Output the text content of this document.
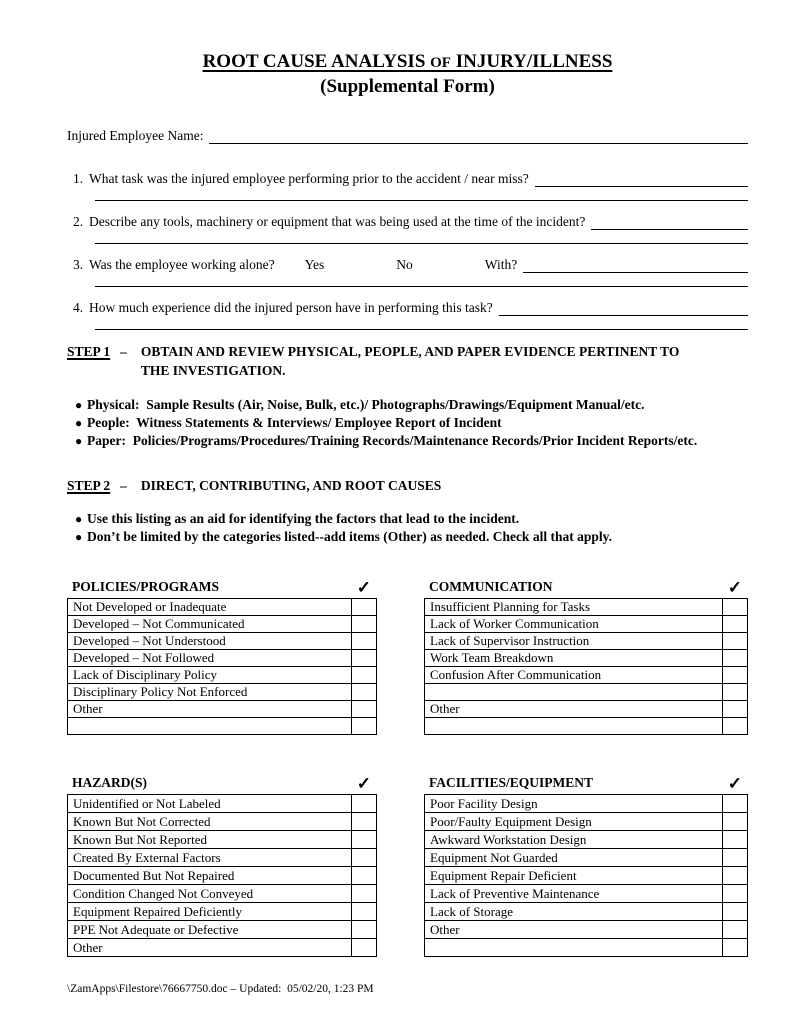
ROOT CAUSE ANALYSIS OF INJURY/ILLNESS
(Supplemental Form)
Injured Employee Name:
1. What task was the injured employee performing prior to the accident / near miss?
2. Describe any tools, machinery or equipment that was being used at the time of the incident?
3. Was the employee working alone? Yes	No	With?
4. How much experience did the injured person have in performing this task?
STEP 1 –	OBTAIN AND REVIEW PHYSICAL, PEOPLE, AND PAPER EVIDENCE PERTINENT TO THE INVESTIGATION.
● Physical:  Sample Results (Air, Noise, Bulk, etc.)/ Photographs/Drawings/Equipment Manual/etc.
● People:  Witness Statements & Interviews/ Employee Report of Incident
● Paper:  Policies/Programs/Procedures/Training Records/Maintenance Records/Prior Incident Reports/etc.
STEP 2 –	DIRECT, CONTRIBUTING, AND ROOT CAUSES
● Use this listing as an aid for identifying the factors that lead to the incident.
● Don’t be limited by the categories listed--add items (Other) as needed. Check all that apply.
POLICIES/PROGRAMS	✓
Not Developed or Inadequate	
Developed – Not Communicated	
Developed – Not Understood	
Developed – Not Followed	
Lack of Disciplinary Policy	
Disciplinary Policy Not Enforced	
Other	

COMMUNICATION	✓
Insufficient Planning for Tasks	
Lack of Worker Communication	
Lack of Supervisor Instruction	
Work Team Breakdown	
Confusion After Communication	

Other	

HAZARD(S)	✓
Unidentified or Not Labeled	
Known But Not Corrected	
Known But Not Reported	
Created By External Factors	
Documented But Not Repaired	
Condition Changed Not Conveyed	
Equipment Repaired Deficiently	
PPE Not Adequate or Defective	
Other	
FACILITIES/EQUIPMENT	✓
Poor Facility Design	
Poor/Faulty Equipment Design	
Awkward Workstation Design	
Equipment Not Guarded	
Equipment Repair Deficient	
Lack of Preventive Maintenance	
Lack of Storage	
Other	

\ZamApps\Filestore\76667750.doc – Updated:  05/02/20, 1:23 PM
